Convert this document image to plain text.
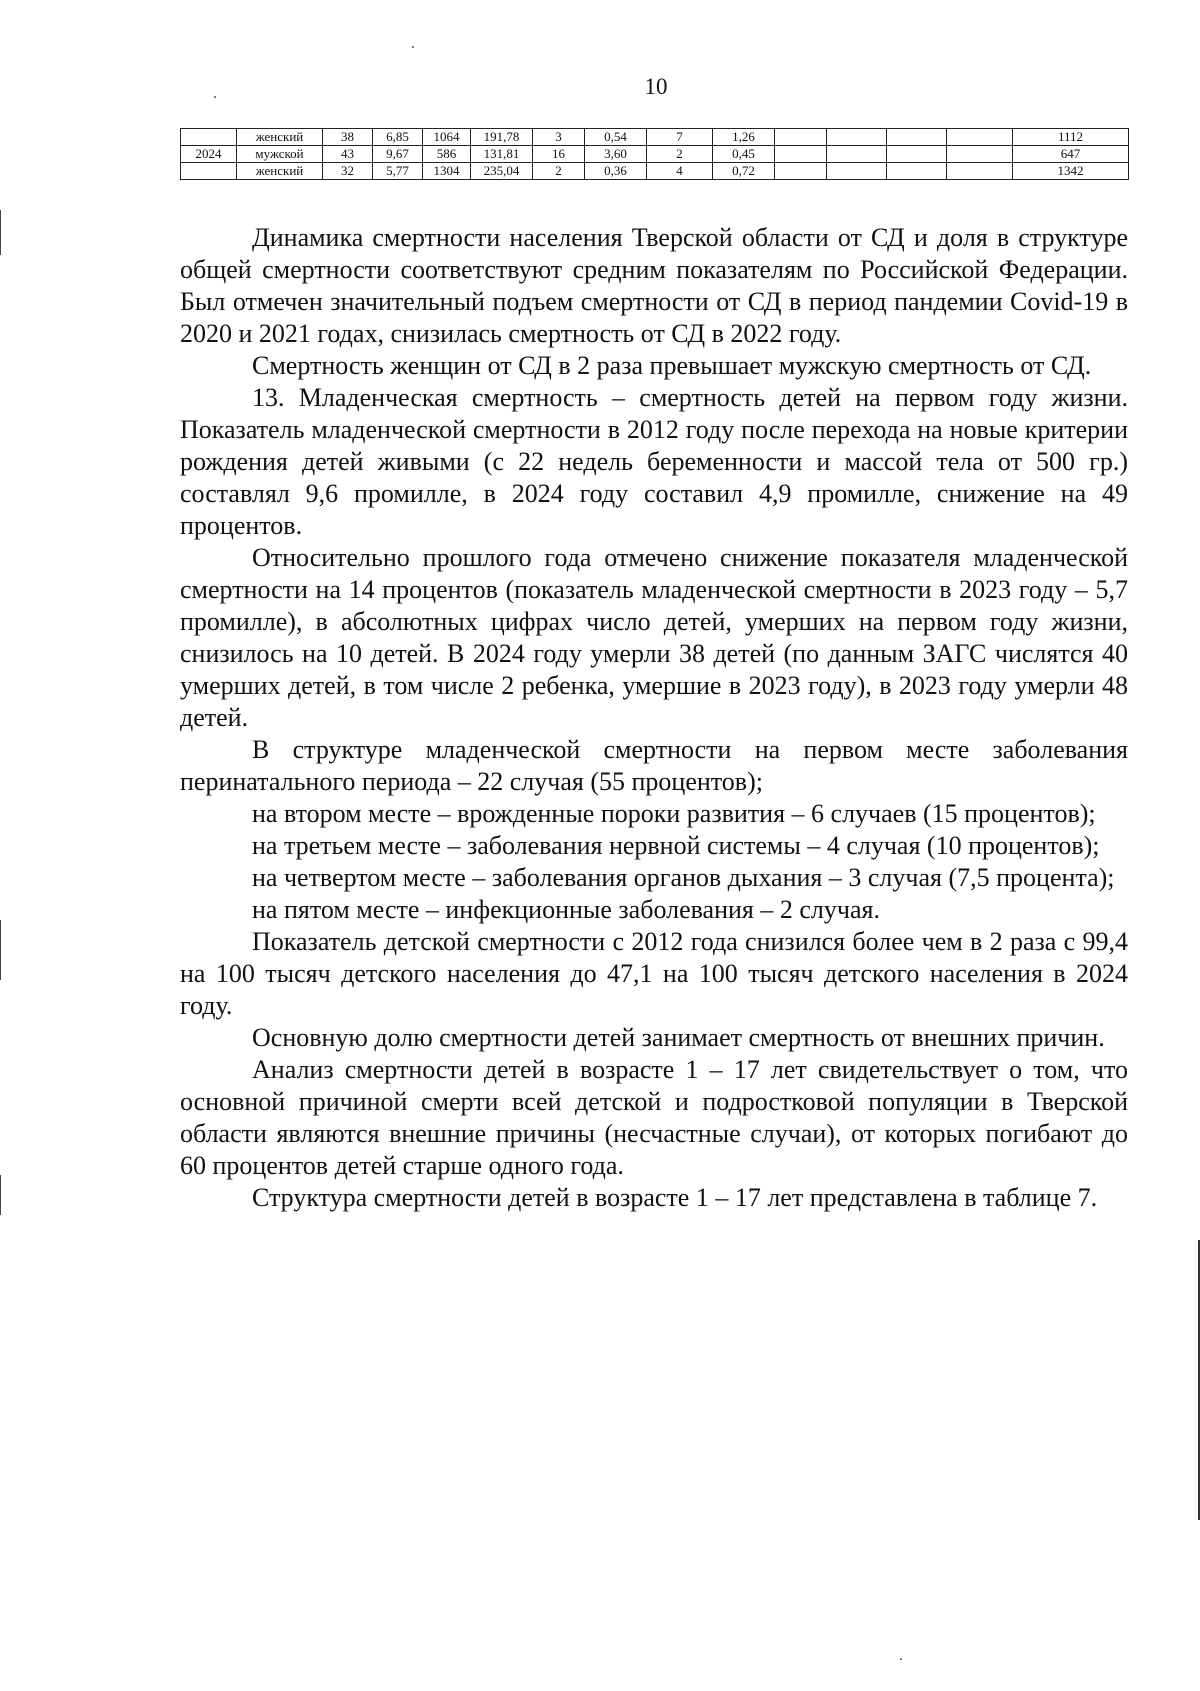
10
	женский	38	6,85	1064	191,78	3	0,54	7	1,26					1112
2024	мужской	43	9,67	586	131,81	16	3,60	2	0,45					647
	женский	32	5,77	1304	235,04	2	0,36	4	0,72					1342

Динамика смертности населения Тверской области от СД и доля в структуре общей смертности соответствуют средним показателям по Российской Федерации. Был отмечен значительный подъем смертности от СД в период пандемии Covid-19 в 2020 и 2021 годах, снизилась смертность от СД в 2022 году.

Смертность женщин от СД в 2 раза превышает мужскую смертность от СД.

13. Младенческая смертность – смертность детей на первом году жизни. Показатель младенческой смертности в 2012 году после перехода на новые критерии рождения детей живыми (с 22 недель беременности и массой тела от 500 гр.) составлял 9,6 промилле, в 2024 году составил 4,9 промилле, снижение на 49 процентов.

Относительно прошлого года отмечено снижение показателя младенческой смертности на 14 процентов (показатель младенческой смертности в 2023 году – 5,7 промилле), в абсолютных цифрах число детей, умерших на первом году жизни, снизилось на 10 детей. В 2024 году умерли 38 детей (по данным ЗАГС числятся 40 умерших детей, в том числе 2 ребенка, умершие в 2023 году), в 2023 году умерли 48 детей.

В структуре младенческой смертности на первом месте заболевания перинатального периода – 22 случая (55 процентов);

на втором месте – врожденные пороки развития – 6 случаев (15 процентов);

на третьем месте – заболевания нервной системы – 4 случая (10 процентов);

на четвертом месте – заболевания органов дыхания – 3 случая (7,5 процента);

на пятом месте – инфекционные заболевания – 2 случая.

Показатель детской смертности с 2012 года снизился более чем в 2 раза с 99,4 на 100 тысяч детского населения до 47,1 на 100 тысяч детского населения в 2024 году.

Основную долю смертности детей занимает смертность от внешних причин.

Анализ смертности детей в возрасте 1 – 17 лет свидетельствует о том, что основной причиной смерти всей детской и подростковой популяции в Тверской области являются внешние причины (несчастные случаи), от которых погибают до 60 процентов детей старше одного года.

Структура смертности детей в возрасте 1 – 17 лет представлена в таблице 7.
